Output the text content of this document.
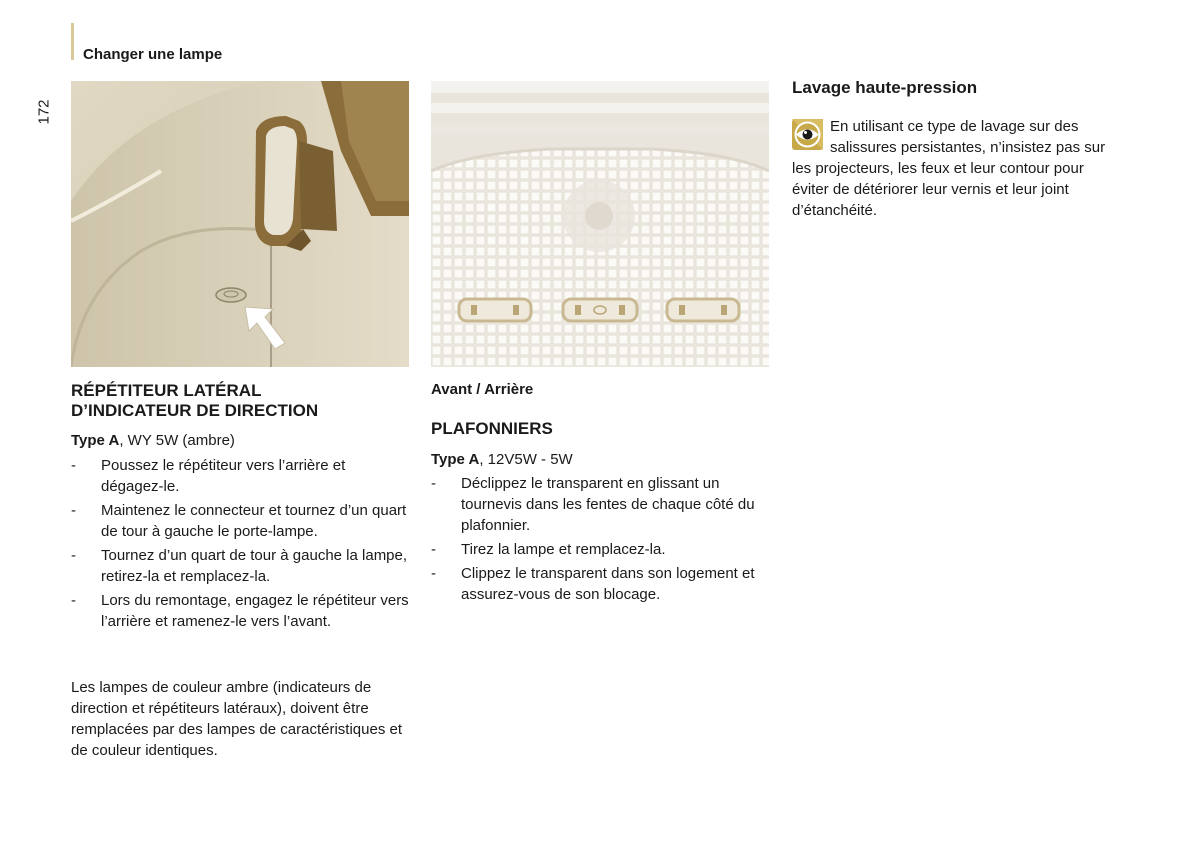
Changer une lampe
172
RÉPÉTITEUR LATÉRAL
D’INDICATEUR DE DIRECTION
Type A, WY 5W (ambre)
- Poussez le répétiteur vers l’arrière et dégagez-le.
- Maintenez le connecteur et tournez d’un quart de tour à gauche le porte-lampe.
- Tournez d’un quart de tour à gauche la lampe, retirez-la et remplacez-la.
- Lors du remontage, engagez le répétiteur vers l’arrière et ramenez-le vers l’avant.

Les lampes de couleur ambre (indicateurs de direction et répétiteurs latéraux), doivent être remplacées par des lampes de caractéristiques et de couleur identiques.

Avant / Arrière
PLAFONNIERS
Type A, 12V5W - 5W
- Déclippez le transparent en glissant un tournevis dans les fentes de chaque côté du plafonnier.
- Tirez la lampe et remplacez-la.
- Clippez le transparent dans son logement et assurez-vous de son blocage.
Lavage haute-pression

En utilisant ce type de lavage sur des salissures persistantes, n’insistez pas sur les projecteurs, les feux et leur contour pour éviter de détériorer leur vernis et leur joint d’étanchéité.
